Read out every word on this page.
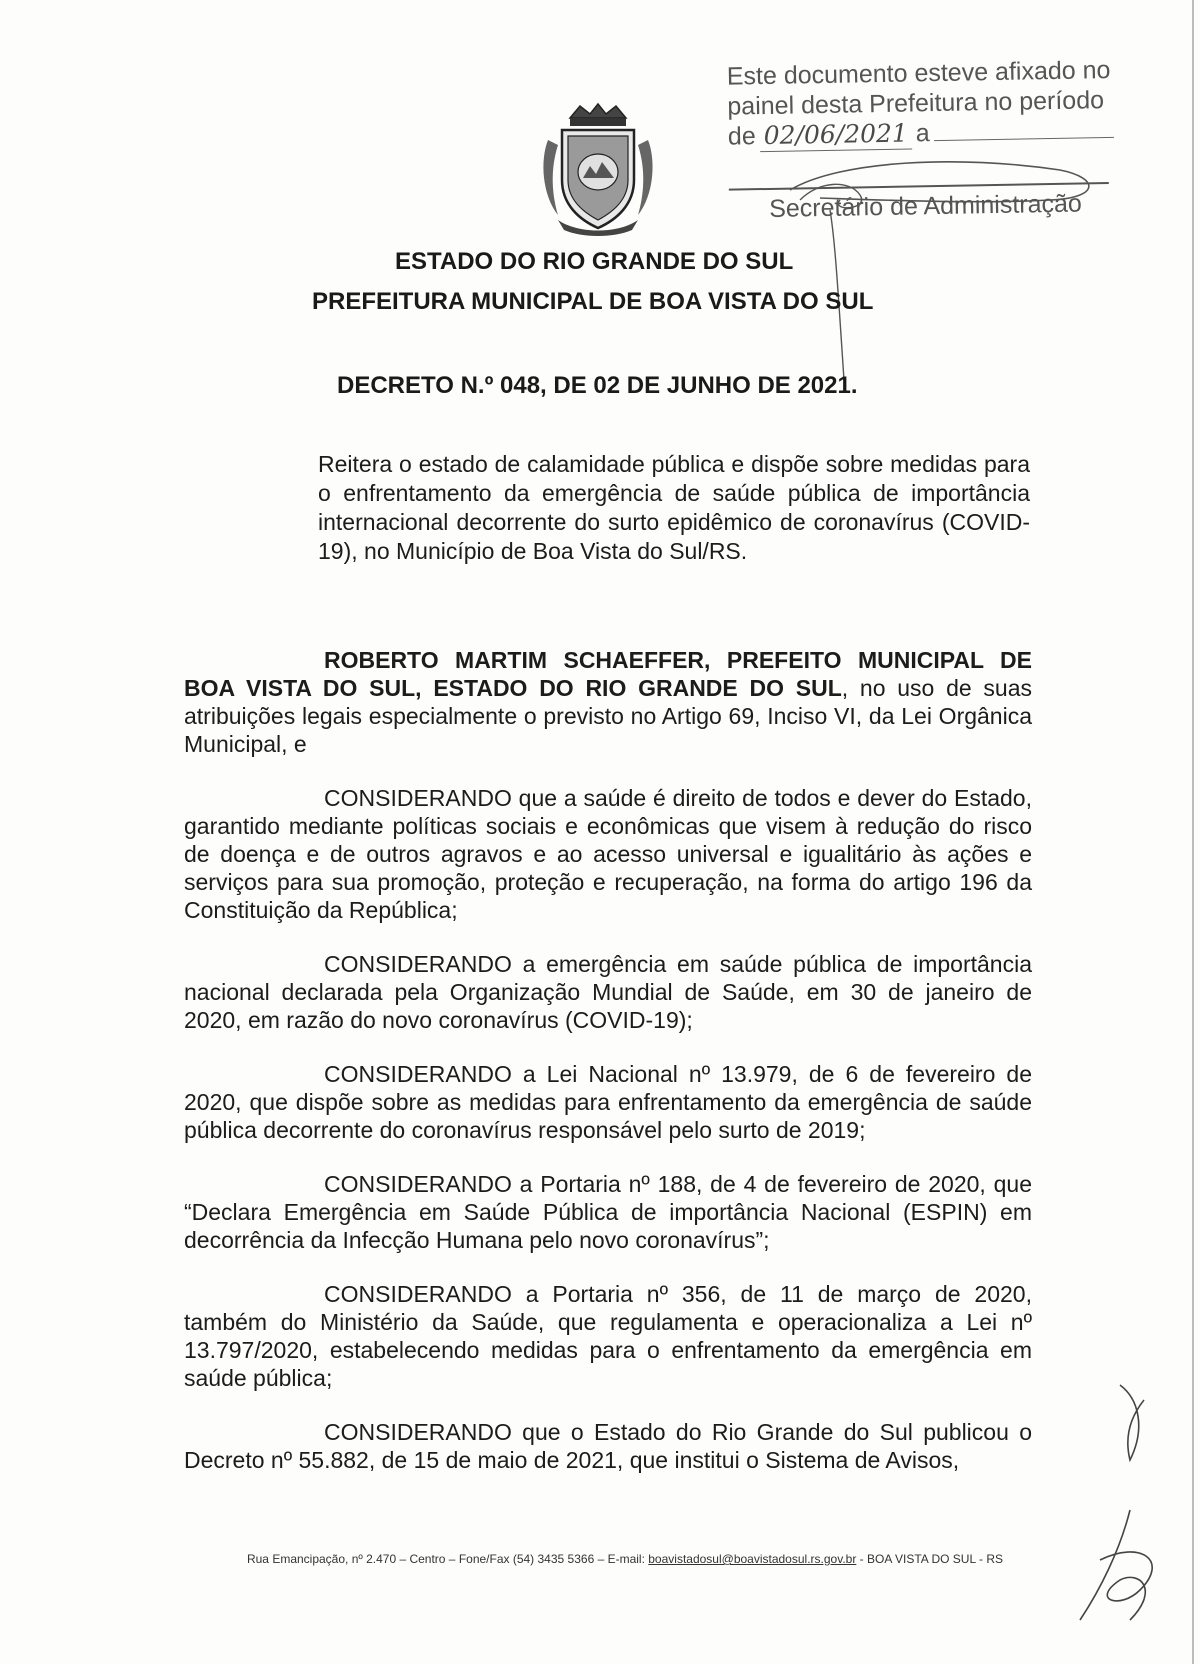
Este documento esteve afixado no
painel desta Prefeitura no período
de 02/06/2021 a
Secretário de Administração
ESTADO DO RIO GRANDE DO SUL
PREFEITURA MUNICIPAL DE BOA VISTA DO SUL
DECRETO N.º 048, DE 02 DE JUNHO DE 2021.
Reitera o estado de calamidade pública e dispõe sobre medidas para o enfrentamento da emergência de saúde pública de importância internacional decorrente do surto epidêmico de coronavírus (COVID-19), no Município de Boa Vista do Sul/RS.

ROBERTO MARTIM SCHAEFFER, PREFEITO MUNICIPAL DE BOA VISTA DO SUL, ESTADO DO RIO GRANDE DO SUL, no uso de suas atribuições legais especialmente o previsto no Artigo 69, Inciso VI, da Lei Orgânica Municipal, e

CONSIDERANDO que a saúde é direito de todos e dever do Estado, garantido mediante políticas sociais e econômicas que visem à redução do risco de doença e de outros agravos e ao acesso universal e igualitário às ações e serviços para sua promoção, proteção e recuperação, na forma do artigo 196 da Constituição da República;

CONSIDERANDO a emergência em saúde pública de importância nacional declarada pela Organização Mundial de Saúde, em 30 de janeiro de 2020, em razão do novo coronavírus (COVID-19);

CONSIDERANDO a Lei Nacional nº 13.979, de 6 de fevereiro de 2020, que dispõe sobre as medidas para enfrentamento da emergência de saúde pública decorrente do coronavírus responsável pelo surto de 2019;

CONSIDERANDO a Portaria nº 188, de 4 de fevereiro de 2020, que “Declara Emergência em Saúde Pública de importância Nacional (ESPIN) em decorrência da Infecção Humana pelo novo coronavírus”;

CONSIDERANDO a Portaria nº 356, de 11 de março de 2020, também do Ministério da Saúde, que regulamenta e operacionaliza a Lei nº 13.797/2020, estabelecendo medidas para o enfrentamento da emergência em saúde pública;

CONSIDERANDO que o Estado do Rio Grande do Sul publicou o Decreto nº 55.882, de 15 de maio de 2021, que institui o Sistema de Avisos,

Rua Emancipação, nº 2.470 – Centro – Fone/Fax (54) 3435 5366 – E-mail: boavistadosul@boavistadosul.rs.gov.br - BOA VISTA DO SUL - RS
